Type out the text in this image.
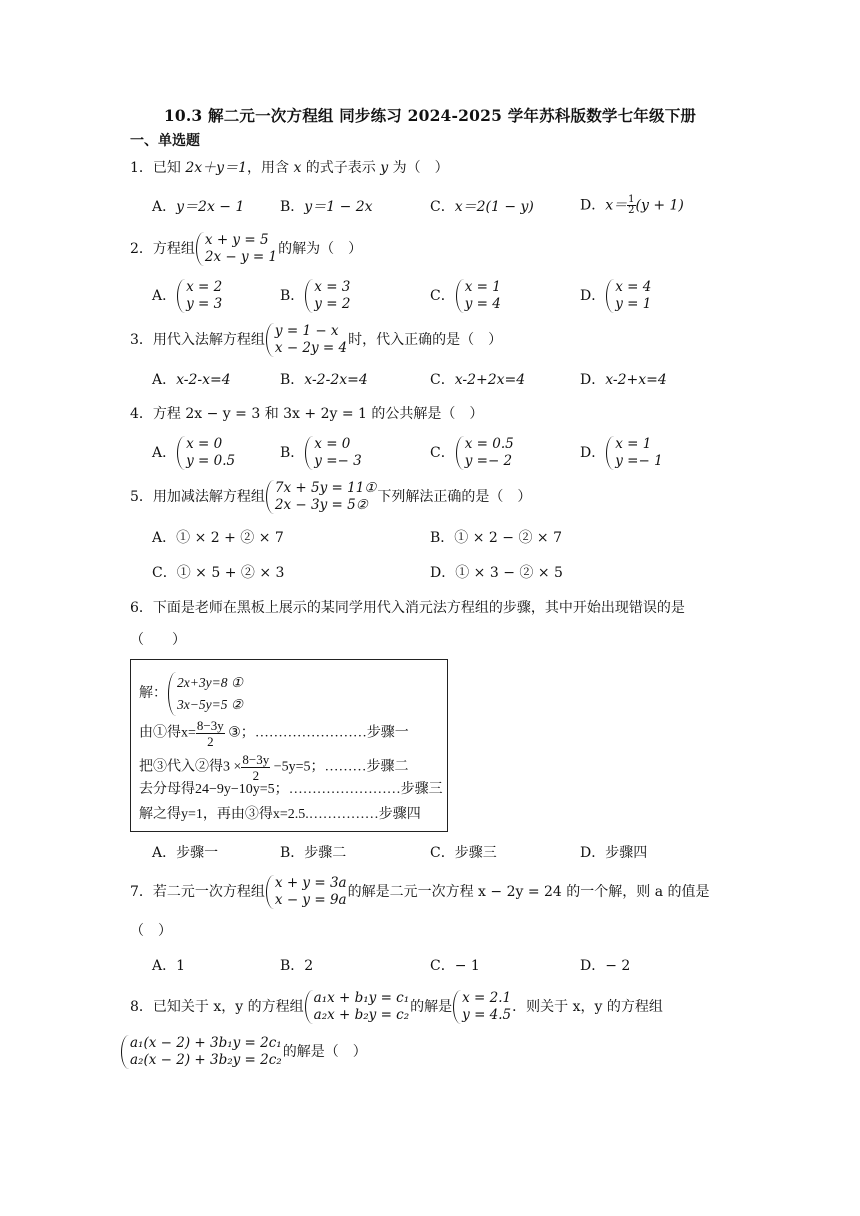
10.3 解二元一次方程组 同步练习 2024-2025 学年苏科版数学七年级下册
一、单选题
1．已知 2x＋y＝1，用含 x 的式子表示 y 为（　 ）
A．y＝2x − 1	B．y＝1 − 2x	C．x＝2(1 − y)	D．$x= \frac{1}{2} (y + 1)$
2．方程组
x + y = 5
2x − y = 1 的解为（　）
A．
x = 2
y = 3	B．
x = 3
y = 2	C．
x = 1
y = 4	D．
x = 4
y = 1
3．用代入法解方程组
y = 1 − x
x − 2y = 4 时，代入正确的是（　）
A．x-2-x=4	B．x-2-2x=4	C．x-2+2x=4	D．x-2+x=4
4．方程 2x − y = 3 和 3x + 2y = 1 的公共解是（　）
A．
x = 0
y = 0.5	B．
x = 0
y =− 3	C．
x = 0.5
y =− 2	D．
x = 1
y =− 1
5．用加减法解方程组
7x + 5y = 11①
2x − 3y = 5② 下列解法正确的是（　）
A．① × 2 + ② × 7	B．① × 2 − ② × 7
C．① × 5 + ② × 3	D．① × 3 − ② × 5
6．下面是老师在黑板上展示的某同学用代入消元法方程组的步骤，其中开始出现错误的是
（　　）
解：
2x+3y=8 ①
3x−5y=5 ②
由①得$x= \frac{8-3y}{2}$ ③；……………………步骤一
把③代入②得$3 \times \frac{8-3y}{2} -5y=5$；………步骤二
去分母得24−9y−10y=5；……………………步骤三
解之得y=1，再由③得x=2.5.……………步骤四
A．步骤一	B．步骤二	C．步骤三	D．步骤四
7．若二元一次方程组
x + y = 3a
x − y = 9a 的解是二元一次方程 x − 2y = 24 的一个解，则 a 的值是
（　）
A．1	B．2	C．− 1	D．− 2
8．已知关于 x，y 的方程组
a₁x + b₁y = c₁
a₂x + b₂y = c₂ 的解是
x = 2.1
y = 4.5 ．则关于 x，y 的方程组
a₁(x − 2) + 3b₁y = 2c₁
a₂(x − 2) + 3b₂y = 2c₂ 的解是（　）
